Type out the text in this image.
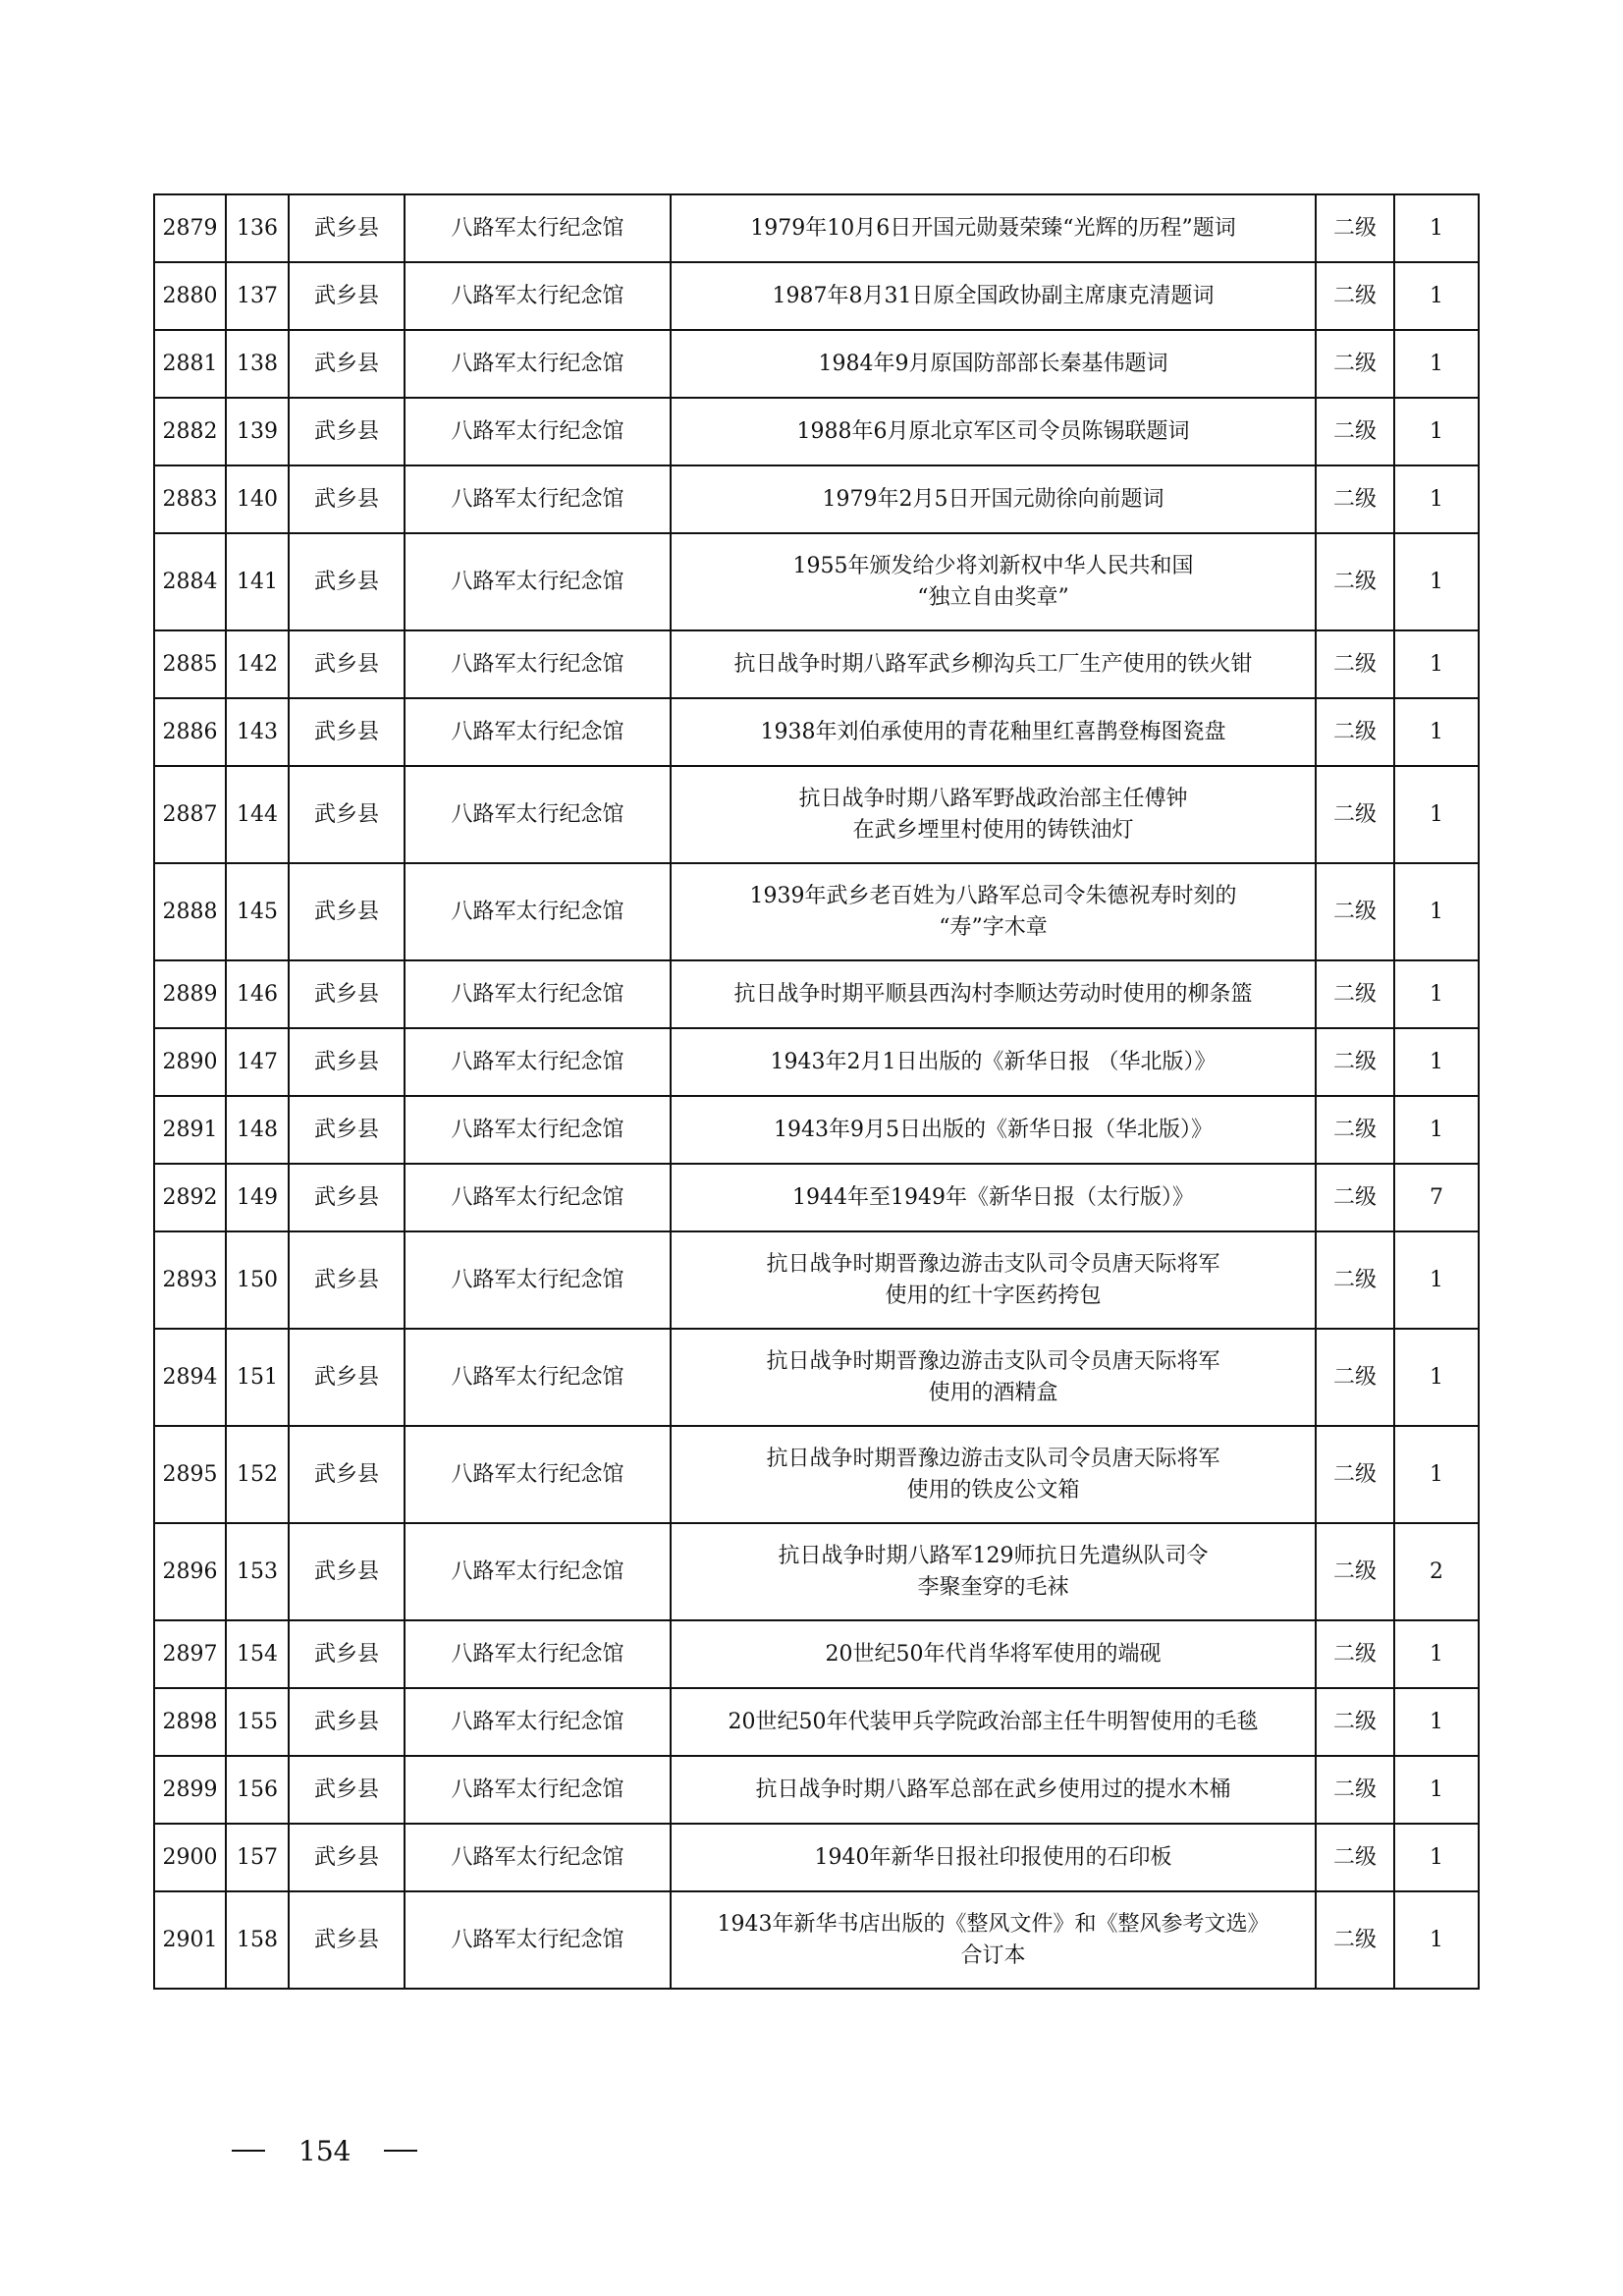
2879	136	武乡县	八路军太行纪念馆	1979年10月6日开国元勋聂荣臻“光辉的历程”题词	二级	1
2880	137	武乡县	八路军太行纪念馆	1987年8月31日原全国政协副主席康克清题词	二级	1
2881	138	武乡县	八路军太行纪念馆	1984年9月原国防部部长秦基伟题词	二级	1
2882	139	武乡县	八路军太行纪念馆	1988年6月原北京军区司令员陈锡联题词	二级	1
2883	140	武乡县	八路军太行纪念馆	1979年2月5日开国元勋徐向前题词	二级	1
2884	141	武乡县	八路军太行纪念馆	1955年颁发给少将刘新权中华人民共和国
“独立自由奖章”	二级	1
2885	142	武乡县	八路军太行纪念馆	抗日战争时期八路军武乡柳沟兵工厂生产使用的铁火钳	二级	1
2886	143	武乡县	八路军太行纪念馆	1938年刘伯承使用的青花釉里红喜鹊登梅图瓷盘	二级	1
2887	144	武乡县	八路军太行纪念馆	抗日战争时期八路军野战政治部主任傅钟
在武乡堙里村使用的铸铁油灯	二级	1
2888	145	武乡县	八路军太行纪念馆	1939年武乡老百姓为八路军总司令朱德祝寿时刻的
“寿”字木章	二级	1
2889	146	武乡县	八路军太行纪念馆	抗日战争时期平顺县西沟村李顺达劳动时使用的柳条篮	二级	1
2890	147	武乡县	八路军太行纪念馆	1943年2月1日出版的《新华日报 （华北版）》	二级	1
2891	148	武乡县	八路军太行纪念馆	1943年9月5日出版的《新华日报（华北版）》	二级	1
2892	149	武乡县	八路军太行纪念馆	1944年至1949年《新华日报（太行版）》	二级	7
2893	150	武乡县	八路军太行纪念馆	抗日战争时期晋豫边游击支队司令员唐天际将军
使用的红十字医药挎包	二级	1
2894	151	武乡县	八路军太行纪念馆	抗日战争时期晋豫边游击支队司令员唐天际将军
使用的酒精盒	二级	1
2895	152	武乡县	八路军太行纪念馆	抗日战争时期晋豫边游击支队司令员唐天际将军
使用的铁皮公文箱	二级	1
2896	153	武乡县	八路军太行纪念馆	抗日战争时期八路军129师抗日先遣纵队司令
李聚奎穿的毛袜	二级	2
2897	154	武乡县	八路军太行纪念馆	20世纪50年代肖华将军使用的端砚	二级	1
2898	155	武乡县	八路军太行纪念馆	20世纪50年代装甲兵学院政治部主任牛明智使用的毛毯	二级	1
2899	156	武乡县	八路军太行纪念馆	抗日战争时期八路军总部在武乡使用过的提水木桶	二级	1
2900	157	武乡县	八路军太行纪念馆	1940年新华日报社印报使用的石印板	二级	1
2901	158	武乡县	八路军太行纪念馆	1943年新华书店出版的《整风文件》和《整风参考文选》
合订本	二级	1
154
